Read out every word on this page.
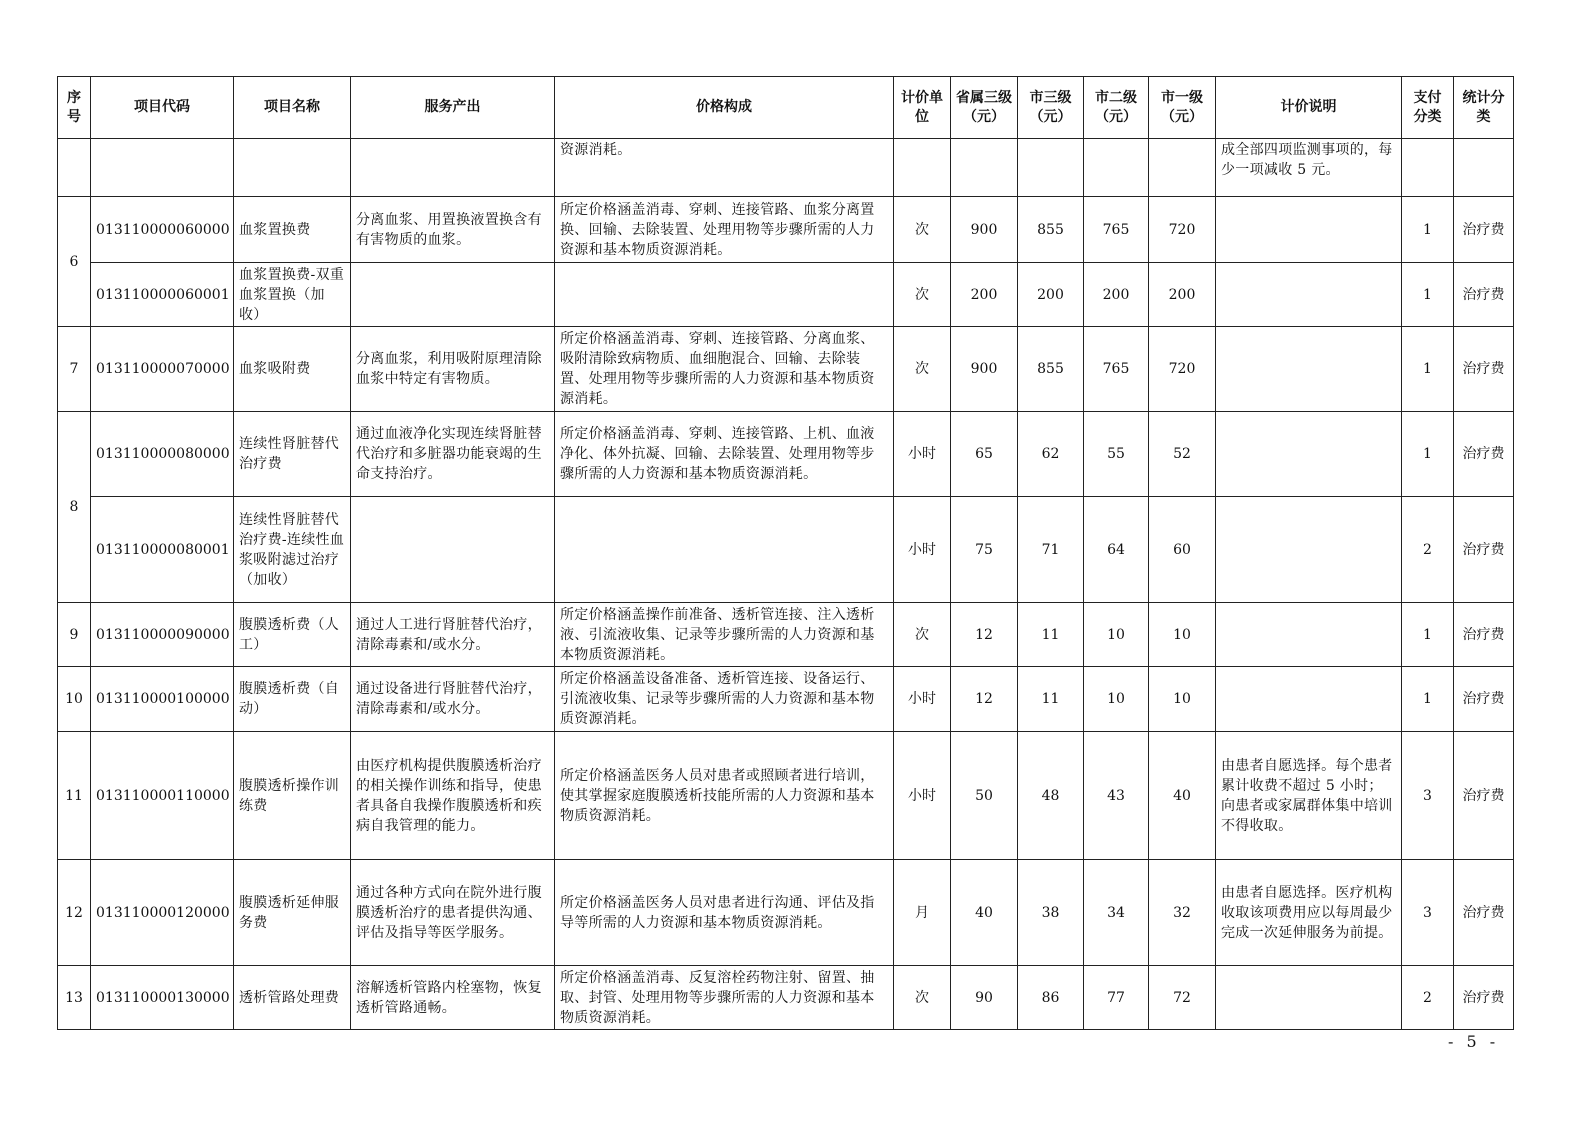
序号	项目代码	项目名称	服务产出	价格构成	计价单位	省属三级（元）	市三级（元）	市二级（元）	市一级（元）	计价说明	支付分类	统计分类
				资源消耗。						成全部四项监测事项的，每少一项减收 5 元。		
6	013110000060000	血浆置换费	分离血浆、用置换液置换含有有害物质的血浆。	所定价格涵盖消毒、穿刺、连接管路、血浆分离置换、回输、去除装置、处理用物等步骤所需的人力资源和基本物质资源消耗。	次	900	855	765	720		1	治疗费
	013110000060001	血浆置换费-双重血浆置换（加收）			次	200	200	200	200		1	治疗费
7	013110000070000	血浆吸附费	分离血浆，利用吸附原理清除血浆中特定有害物质。	所定价格涵盖消毒、穿刺、连接管路、分离血浆、吸附清除致病物质、血细胞混合、回输、去除装置、处理用物等步骤所需的人力资源和基本物质资源消耗。	次	900	855	765	720		1	治疗费
8	013110000080000	连续性肾脏替代治疗费	通过血液净化实现连续肾脏替代治疗和多脏器功能衰竭的生命支持治疗。	所定价格涵盖消毒、穿刺、连接管路、上机、血液净化、体外抗凝、回输、去除装置、处理用物等步骤所需的人力资源和基本物质资源消耗。	小时	65	62	55	52		1	治疗费
	013110000080001	连续性肾脏替代治疗费-连续性血浆吸附滤过治疗（加收）			小时	75	71	64	60		2	治疗费
9	013110000090000	腹膜透析费（人工）	通过人工进行肾脏替代治疗，清除毒素和/或水分。	所定价格涵盖操作前准备、透析管连接、注入透析液、引流液收集、记录等步骤所需的人力资源和基本物质资源消耗。	次	12	11	10	10		1	治疗费
10	013110000100000	腹膜透析费（自动）	通过设备进行肾脏替代治疗，清除毒素和/或水分。	所定价格涵盖设备准备、透析管连接、设备运行、引流液收集、记录等步骤所需的人力资源和基本物质资源消耗。	小时	12	11	10	10		1	治疗费
11	013110000110000	腹膜透析操作训练费	由医疗机构提供腹膜透析治疗的相关操作训练和指导，使患者具备自我操作腹膜透析和疾病自我管理的能力。	所定价格涵盖医务人员对患者或照顾者进行培训，使其掌握家庭腹膜透析技能所需的人力资源和基本物质资源消耗。	小时	50	48	43	40	由患者自愿选择。每个患者累计收费不超过 5 小时；向患者或家属群体集中培训不得收取。	3	治疗费
12	013110000120000	腹膜透析延伸服务费	通过各种方式向在院外进行腹膜透析治疗的患者提供沟通、评估及指导等医学服务。	所定价格涵盖医务人员对患者进行沟通、评估及指导等所需的人力资源和基本物质资源消耗。	月	40	38	34	32	由患者自愿选择。医疗机构收取该项费用应以每周最少完成一次延伸服务为前提。	3	治疗费
13	013110000130000	透析管路处理费	溶解透析管路内栓塞物，恢复透析管路通畅。	所定价格涵盖消毒、反复溶栓药物注射、留置、抽取、封管、处理用物等步骤所需的人力资源和基本物质资源消耗。	次	90	86	77	72		2	治疗费
- 5 -
